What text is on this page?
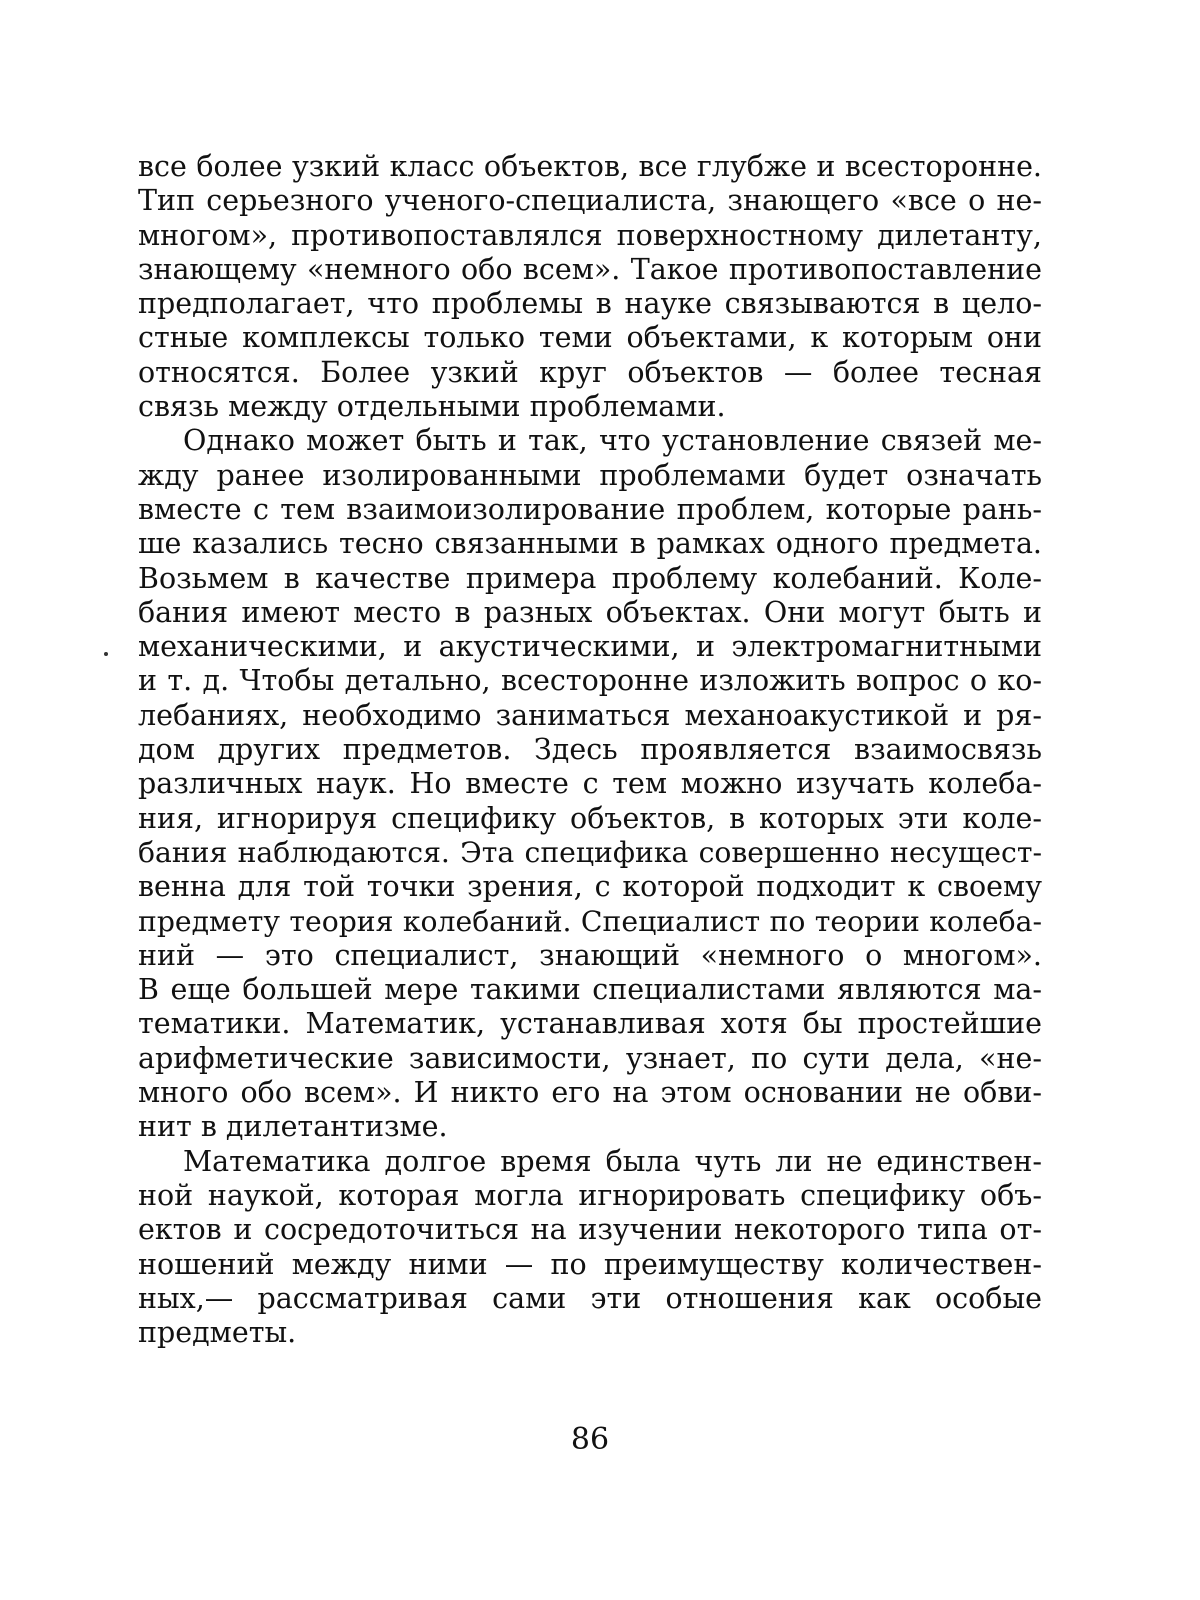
все более узкий класс объектов, все глубже и всесторонне.
Тип серьезного ученого-специалиста, знающего «все о не-
многом», противопоставлялся поверхностному дилетанту,
знающему «немного обо всем». Такое противопоставление
предполагает, что проблемы в науке связываются в цело-
стные комплексы только теми объектами, к которым они
относятся. Более узкий круг объектов — более тесная
связь между отдельными проблемами.
Однако может быть и так, что установление связей ме-
жду ранее изолированными проблемами будет означать
вместе с тем взаимоизолирование проблем, которые рань-
ше казались тесно связанными в рамках одного предмета.
Возьмем в качестве примера проблему колебаний. Коле-
бания имеют место в разных объектах. Они могут быть и
механическими, и акустическими, и электромагнитными
и т. д. Чтобы детально, всесторонне изложить вопрос о ко-
лебаниях, необходимо заниматься механоакустикой и ря-
дом других предметов. Здесь проявляется взаимосвязь
различных наук. Но вместе с тем можно изучать колеба-
ния, игнорируя специфику объектов, в которых эти коле-
бания наблюдаются. Эта специфика совершенно несущест-
венна для той точки зрения, с которой подходит к своему
предмету теория колебаний. Специалист по теории колеба-
ний — это специалист, знающий «немного о многом».
В еще большей мере такими специалистами являются ма-
тематики. Математик, устанавливая хотя бы простейшие
арифметические зависимости, узнает, по сути дела, «не-
много обо всем». И никто его на этом основании не обви-
нит в дилетантизме.
Математика долгое время была чуть ли не единствен-
ной наукой, которая могла игнорировать специфику объ-
ектов и сосредоточиться на изучении некоторого типа от-
ношений между ними — по преимуществу количествен-
ных,— рассматривая сами эти отношения как особые
предметы.
86
